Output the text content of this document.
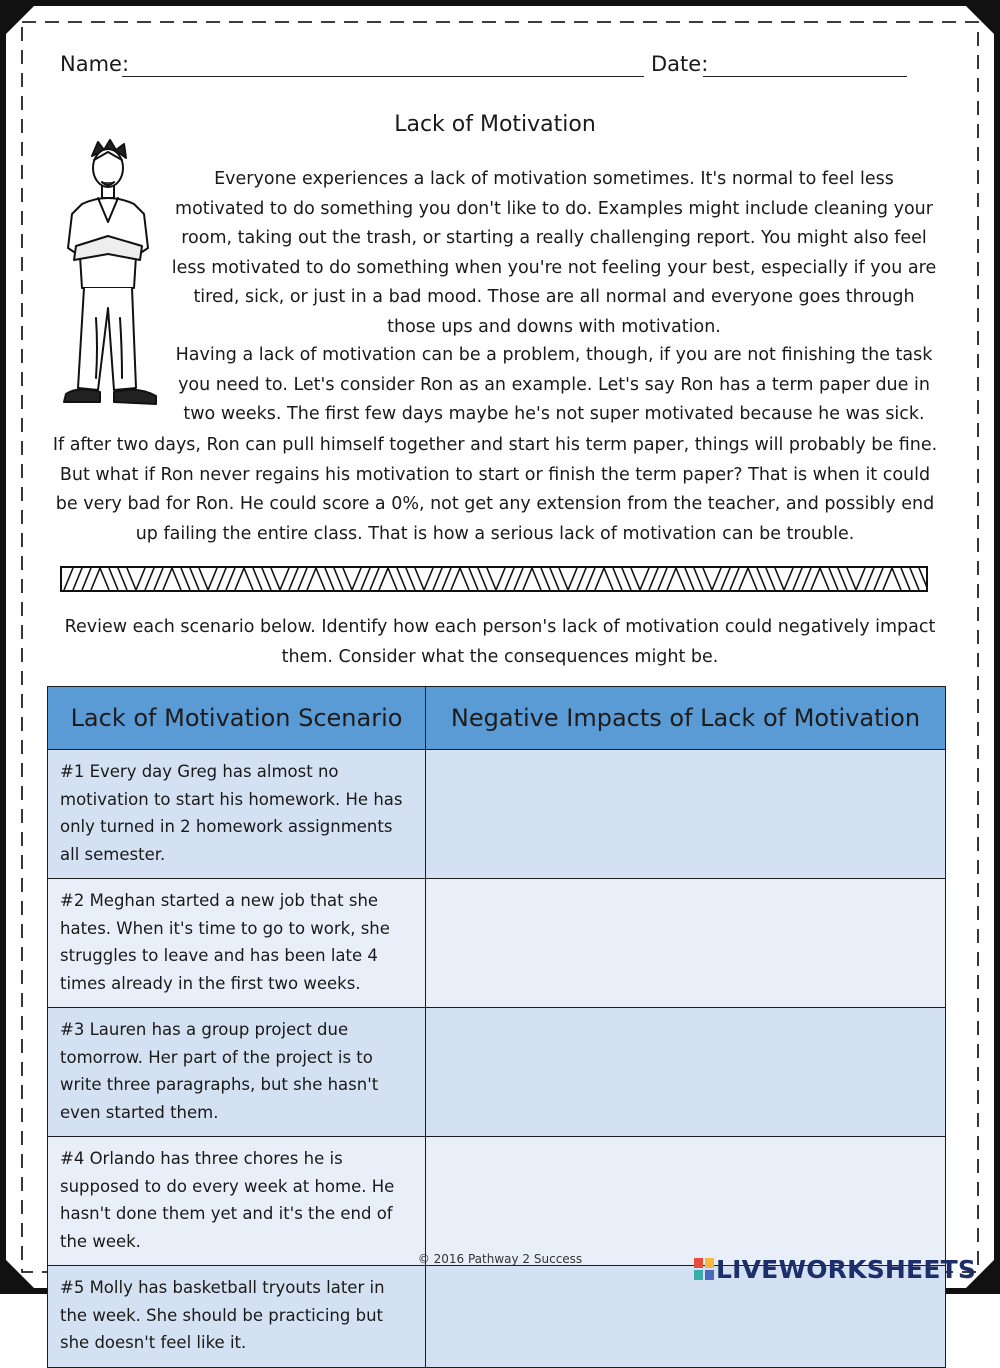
Name:	Date:
Lack of Motivation

Everyone experiences a lack of motivation sometimes. It's normal to feel less motivated to do something you don't like to do. Examples might include cleaning your room, taking out the trash, or starting a really challenging report. You might also feel less motivated to do something when you're not feeling your best, especially if you are tired, sick, or just in a bad mood. Those are all normal and everyone goes through those ups and downs with motivation.

Having a lack of motivation can be a problem, though, if you are not finishing the task you need to. Let's consider Ron as an example. Let's say Ron has a term paper due in two weeks. The first few days maybe he's not super motivated because he was sick.

If after two days, Ron can pull himself together and start his term paper, things will probably be fine. But what if Ron never regains his motivation to start or finish the term paper? That is when it could be very bad for Ron. He could score a 0%, not get any extension from the teacher, and possibly end up failing the entire class. That is how a serious lack of motivation can be trouble.

Review each scenario below. Identify how each person's lack of motivation could negatively impact them. Consider what the consequences might be.

Lack of Motivation Scenario	Negative Impacts of Lack of Motivation

#1 Every day Greg has almost no motivation to start his homework. He has only turned in 2 homework assignments all semester.	

#2 Meghan started a new job that she hates. When it's time to go to work, she struggles to leave and has been late 4 times already in the first two weeks.	

#3 Lauren has a group project due tomorrow. Her part of the project is to write three paragraphs, but she hasn't even started them.	

#4 Orlando has three chores he is supposed to do every week at home. He hasn't done them yet and it's the end of the week.	

#5 Molly has basketball tryouts later in the week. She should be practicing but she doesn't feel like it.	

© 2016 Pathway 2 Success	LIVEWORKSHEETS
